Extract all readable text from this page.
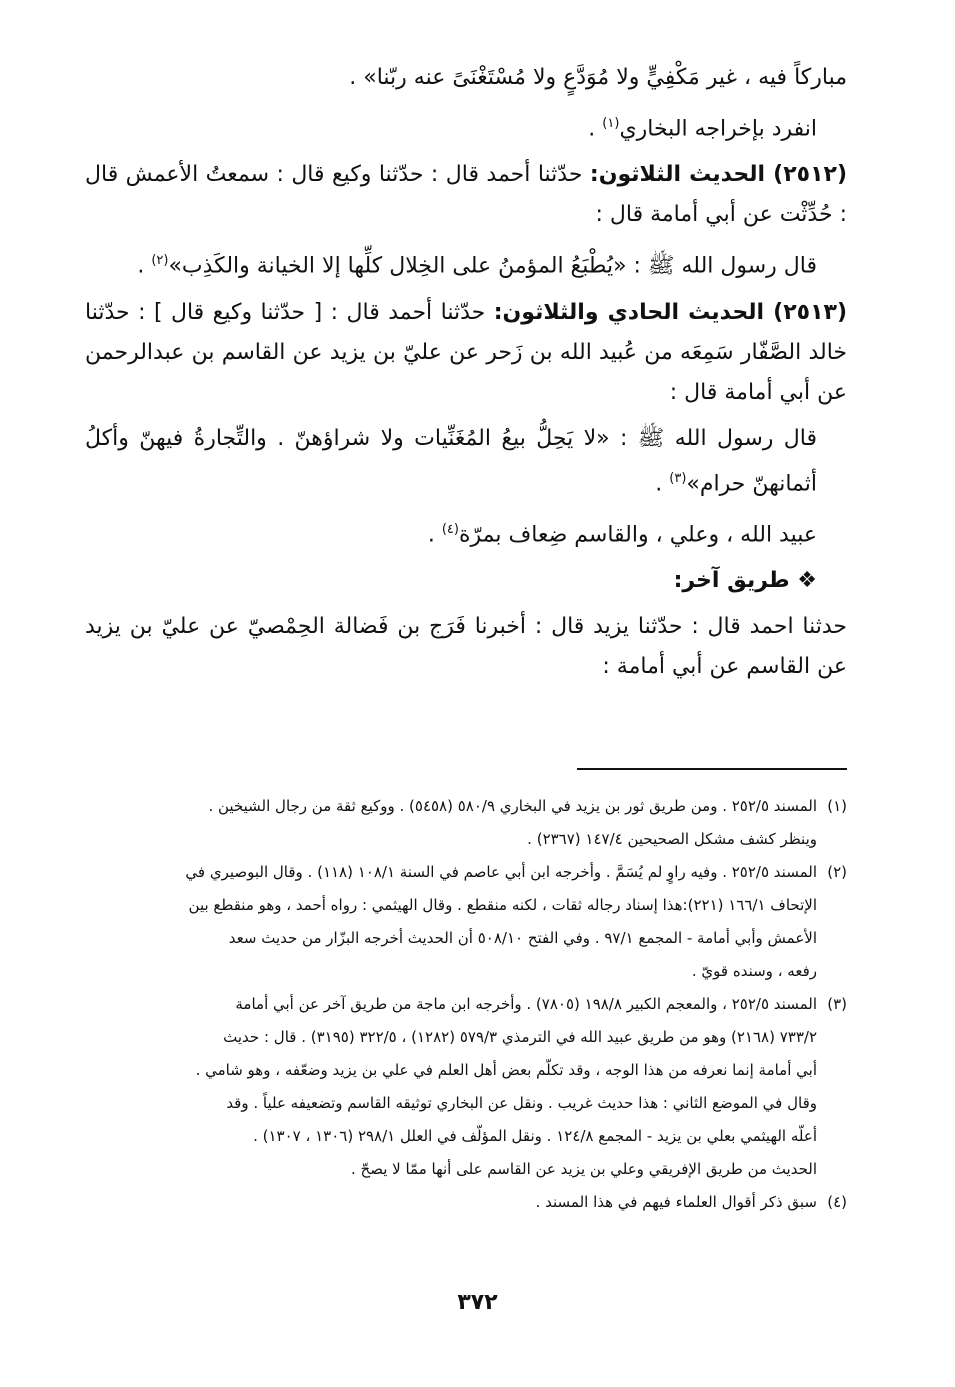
مباركاً فيه ، غير مَكْفِيٍّ ولا مُوَدَّعٍ ولا مُسْتَغْنَىً عنه ربّنا» .

انفرد بإخراجه البخاري$^{(١)}$ .

(٢٥١٢) الحديث الثلاثون: حدّثنا أحمد قال : حدّثنا وكيع قال : سمعتُ الأعمش قال : حُدِّثْت عن أبي أمامة قال :

قال رسول الله ﷺ : «يُطْبَعُ المؤمنُ على الخِلال كلِّها إلا الخيانة والكَذِب»$^{(٢)}$ .

(٢٥١٣) الحديث الحادي والثلاثون: حدّثنا أحمد قال : [ حدّثنا وكيع قال ] : حدّثنا خالد الصَّفّار سَمِعَه من عُبيد الله بن زَحر عن عليّ بن يزيد عن القاسم بن عبدالرحمن عن أبي أمامة قال :

قال رسول الله ﷺ : «لا يَحِلُّ بيعُ المُغَنِّيات ولا شراؤهنّ . والتِّجارةُ فيهنّ وأكلُ أثمانهنّ حرام»$^{(٣)}$ .

عبيد الله ، وعلي ، والقاسم ضِعاف بمرّة$^{(٤)}$ .

❖ طريق آخر:

حدثنا احمد قال : حدّثنا يزيد قال : أخبرنا فَرَج بن فَضالة الحِمْصيّ عن عليّ بن يزيد عن القاسم عن أبي أمامة :

(١)
المسند ٢٥٢/٥ . ومن طريق ثور بن يزيد في البخاري ٥٨٠/٩ (٥٤٥٨) . ووكيع ثقة من رجال الشيخين .
وينظر كشف مشكل الصحيحين ١٤٧/٤ (٢٣٦٧) .
(٢)
المسند ٢٥٢/٥ . وفيه راوٍ لم يُسَمَّ . وأخرجه ابن أبي عاصم في السنة ١٠٨/١ (١١٨) . وقال البوصيري في
الإتحاف ١٦٦/١ (٢٢١):هذا إسناد رجاله ثقات ، لكنه منقطع . وقال الهيثمي : رواه أحمد ، وهو منقطع بين
الأعمش وأبي أمامة - المجمع ٩٧/١ . وفي الفتح ٥٠٨/١٠ أن الحديث أخرجه البزّار من حديث سعد
رفعه ، وسنده قويّ .
(٣)
المسند ٢٥٢/٥ ، والمعجم الكبير ١٩٨/٨ (٧٨٠٥) . وأخرجه ابن ماجة من طريق آخر عن أبي أمامة
٧٣٣/٢ (٢١٦٨) وهو من طريق عبيد الله في الترمذي ٥٧٩/٣ (١٢٨٢) ، ٣٢٢/٥ (٣١٩٥) . قال : حديث
أبي أمامة إنما نعرفه من هذا الوجه ، وقد تكلّم بعض أهل العلم في علي بن يزيد وضعّفه ، وهو شامي .
وقال في الموضع الثاني : هذا حديث غريب . ونقل عن البخاري توثيقه القاسم وتضعيفه علياً . وقد
أعلّه الهيثمي بعلي بن يزيد - المجمع ١٢٤/٨ . ونقل المؤلّف في العلل ٢٩٨/١ (١٣٠٦ ، ١٣٠٧) .
الحديث من طريق الإفريقي وعلي بن يزيد عن القاسم على أنها ممّا لا يصحّ .
(٤)
سبق ذكر أقوال العلماء فيهم في هذا المسند .
٣٧٢
